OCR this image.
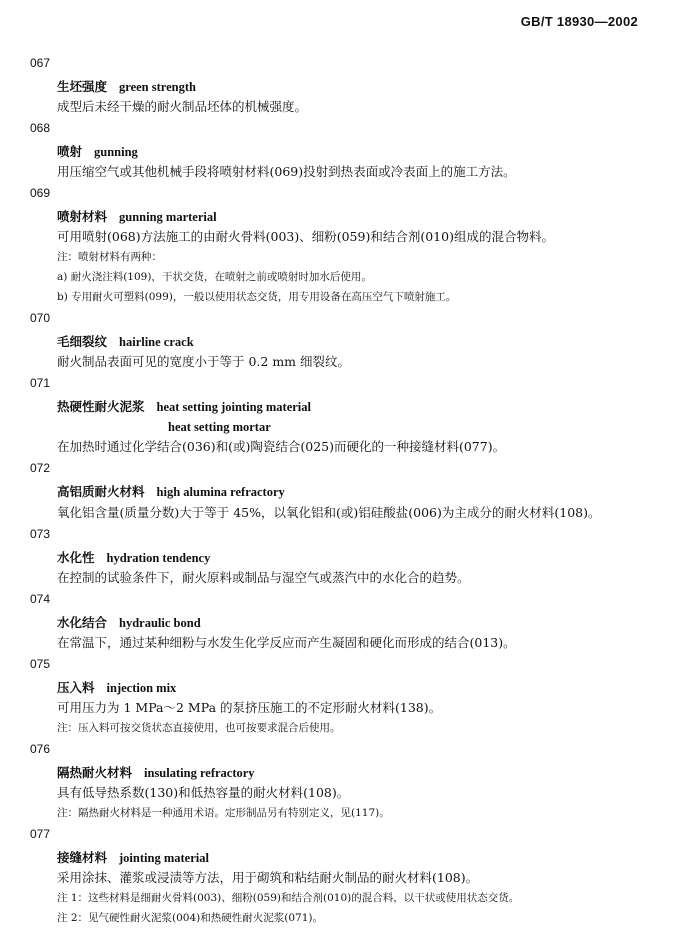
GB/T 18930—2002
067
生坯强度 green strength
成型后未经干燥的耐火制品坯体的机械强度。
068
喷射 gunning
用压缩空气或其他机械手段将喷射材料(069)投射到热表面或冷表面上的施工方法。
069
喷射材料 gunning marterial
可用喷射(068)方法施工的由耐火骨料(003)、细粉(059)和结合剂(010)组成的混合物料。
注：喷射材料有两种：
a) 耐火浇注料(109)，干状交货，在喷射之前或喷射时加水后使用。
b) 专用耐火可塑料(099)，一般以使用状态交货，用专用设备在高压空气下喷射施工。
070
毛细裂纹 hairline crack
耐火制品表面可见的宽度小于等于 0.2 mm 细裂纹。
071
热硬性耐火泥浆 heat setting jointing material
heat setting mortar
在加热时通过化学结合(036)和(或)陶瓷结合(025)而硬化的一种接缝材料(077)。
072
高铝质耐火材料 high alumina refractory
氧化铝含量(质量分数)大于等于 45%，以氧化铝和(或)铝硅酸盐(006)为主成分的耐火材料(108)。
073
水化性 hydration tendency
在控制的试验条件下，耐火原料或制品与湿空气或蒸汽中的水化合的趋势。
074
水化结合 hydraulic bond
在常温下，通过某种细粉与水发生化学反应而产生凝固和硬化而形成的结合(013)。
075
压入料 injection mix
可用压力为 1 MPa～2 MPa 的泵挤压施工的不定形耐火材料(138)。
注：压入料可按交货状态直接使用，也可按要求混合后使用。
076
隔热耐火材料 insulating refractory
具有低导热系数(130)和低热容量的耐火材料(108)。
注：隔热耐火材料是一种通用术语。定形制品另有特别定义，见(117)。
077
接缝材料 jointing material
采用涂抹、灌浆或浸渍等方法，用于砌筑和粘结耐火制品的耐火材料(108)。
注 1：这些材料是细耐火骨料(003)、细粉(059)和结合剂(010)的混合料，以干状或使用状态交货。
注 2：见气硬性耐火泥浆(004)和热硬性耐火泥浆(071)。
